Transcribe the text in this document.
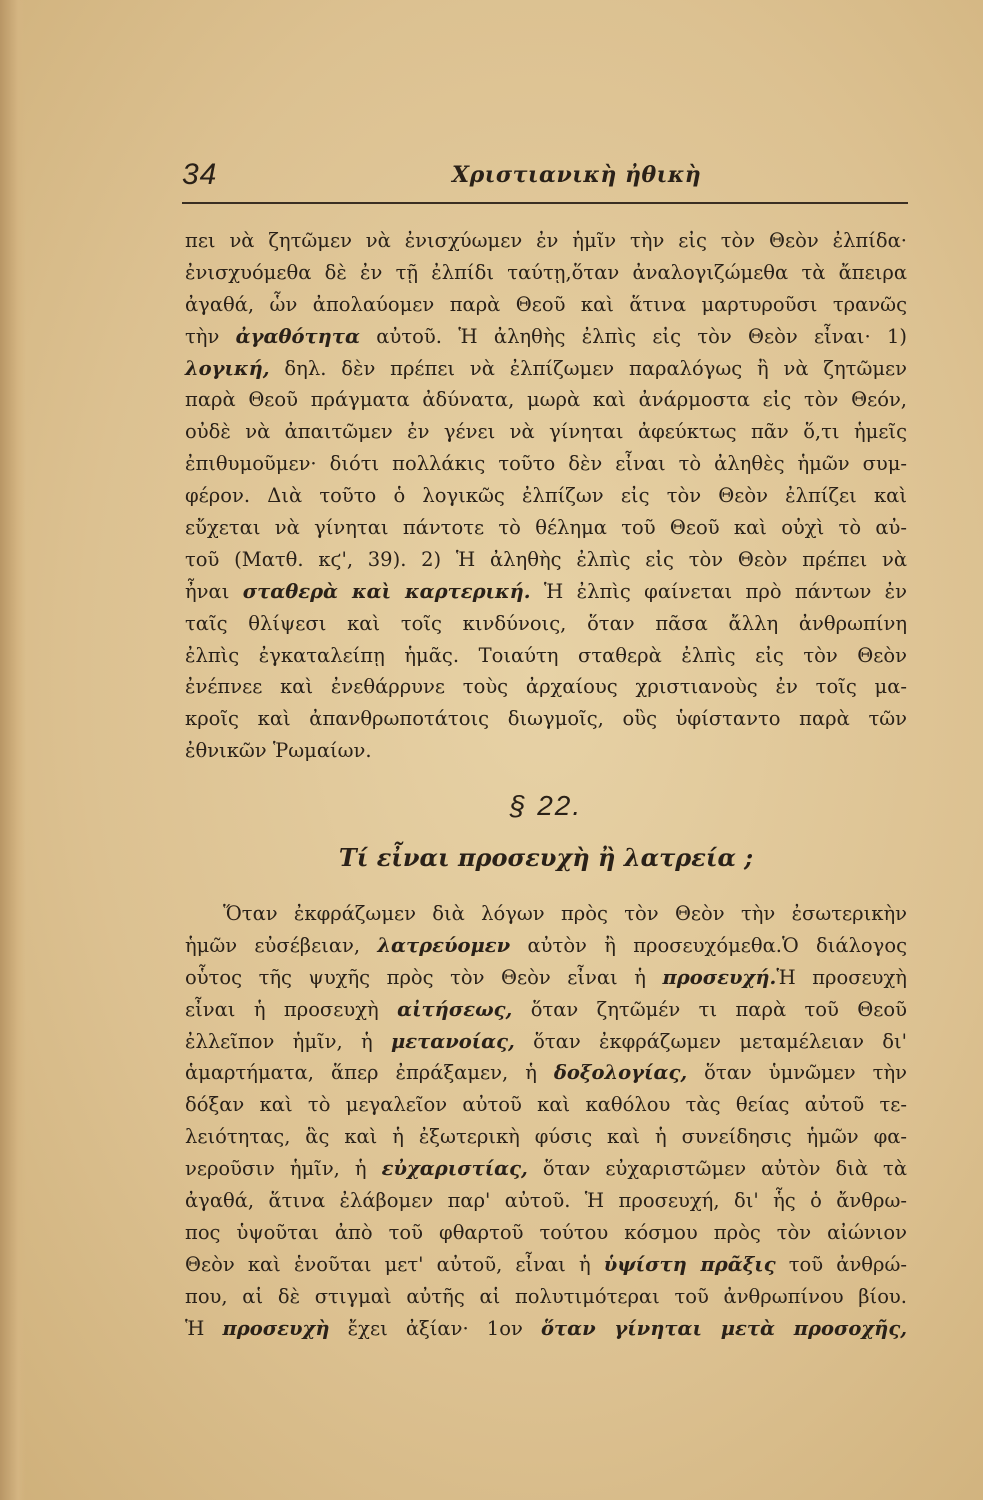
34	Χριστιανικὴ ἠθικὴ
πει νὰ ζητῶμεν νὰ ἐνισχύωμεν ἐν ἡμῖν τὴν εἰς τὸν Θεὸν ἐλπίδα·
ἐνισχυόμεθα δὲ ἐν τῇ ἐλπίδι ταύτῃ,ὅταν ἀναλογιζώμεθα τὰ ἄπειρα
ἀγαθά, ὧν ἀπολαύομεν παρὰ Θεοῦ καὶ ἅτινα μαρτυροῦσι τρανῶς
τὴν ἀγαθότητα αὐτοῦ. Ἡ ἀληθὴς ἐλπὶς εἰς τὸν Θεὸν εἶναι· 1)
λογική, δηλ. δὲν πρέπει νὰ ἐλπίζωμεν παραλόγως ἢ νὰ ζητῶμεν
παρὰ Θεοῦ πράγματα ἀδύνατα, μωρὰ καὶ ἀνάρμοστα εἰς τὸν Θεόν,
οὐδὲ νὰ ἀπαιτῶμεν ἐν γένει νὰ γίνηται ἀφεύκτως πᾶν ὅ,τι ἡμεῖς
ἐπιθυμοῦμεν· διότι πολλάκις τοῦτο δὲν εἶναι τὸ ἀληθὲς ἡμῶν συμ-
φέρον. Διὰ τοῦτο ὁ λογικῶς ἐλπίζων εἰς τὸν Θεὸν ἐλπίζει καὶ
εὔχεται νὰ γίνηται πάντοτε τὸ θέλημα τοῦ Θεοῦ καὶ οὐχὶ τὸ αὐ-
τοῦ (Ματθ. κϛ', 39). 2) Ἡ ἀληθὴς ἐλπὶς εἰς τὸν Θεὸν πρέπει νὰ
ἦναι σταθερὰ καὶ καρτερική. Ἡ ἐλπὶς φαίνεται πρὸ πάντων ἐν
ταῖς θλίψεσι καὶ τοῖς κινδύνοις, ὅταν πᾶσα ἄλλη ἀνθρωπίνη
ἐλπὶς ἐγκαταλείπῃ ἡμᾶς. Τοιαύτη σταθερὰ ἐλπὶς εἰς τὸν Θεὸν
ἐνέπνεε καὶ ἐνεθάρρυνε τοὺς ἀρχαίους χριστιανοὺς ἐν τοῖς μα-
κροῖς καὶ ἀπανθρωποτάτοις διωγμοῖς, οὓς ὑφίσταντο παρὰ τῶν
ἐθνικῶν Ῥωμαίων.
§ 22.
Τί εἶναι προσευχὴ ἢ λατρεία ;
Ὅταν ἐκφράζωμεν διὰ λόγων πρὸς τὸν Θεὸν τὴν ἐσωτερικὴν
ἡμῶν εὐσέβειαν, λατρεύομεν αὐτὸν ἢ προσευχόμεθα.Ὁ διάλογος
οὗτος τῆς ψυχῆς πρὸς τὸν Θεὸν εἶναι ἡ προσευχή.Ἡ προσευχὴ
εἶναι ἡ προσευχὴ αἰτήσεως, ὅταν ζητῶμέν τι παρὰ τοῦ Θεοῦ
ἐλλεῖπον ἡμῖν, ἡ μετανοίας, ὅταν ἐκφράζωμεν μεταμέλειαν δι'
ἁμαρτήματα, ἅπερ ἐπράξαμεν, ἡ δοξολογίας, ὅταν ὑμνῶμεν τὴν
δόξαν καὶ τὸ μεγαλεῖον αὐτοῦ καὶ καθόλου τὰς θείας αὐτοῦ τε-
λειότητας, ἃς καὶ ἡ ἐξωτερικὴ φύσις καὶ ἡ συνείδησις ἡμῶν φα-
νεροῦσιν ἡμῖν, ἡ εὐχαριστίας, ὅταν εὐχαριστῶμεν αὐτὸν διὰ τὰ
ἀγαθά, ἅτινα ἐλάβομεν παρ' αὐτοῦ. Ἡ προσευχή, δι' ἧς ὁ ἄνθρω-
πος ὑψοῦται ἀπὸ τοῦ φθαρτοῦ τούτου κόσμου πρὸς τὸν αἰώνιον
Θεὸν καὶ ἑνοῦται μετ' αὐτοῦ, εἶναι ἡ ὑψίστη πρᾶξις τοῦ ἀνθρώ-
που, αἱ δὲ στιγμαὶ αὐτῆς αἱ πολυτιμότεραι τοῦ ἀνθρωπίνου βίου.
Ἡ προσευχὴ ἔχει ἀξίαν· 1ον ὅταν γίνηται μετὰ προσοχῆς,
